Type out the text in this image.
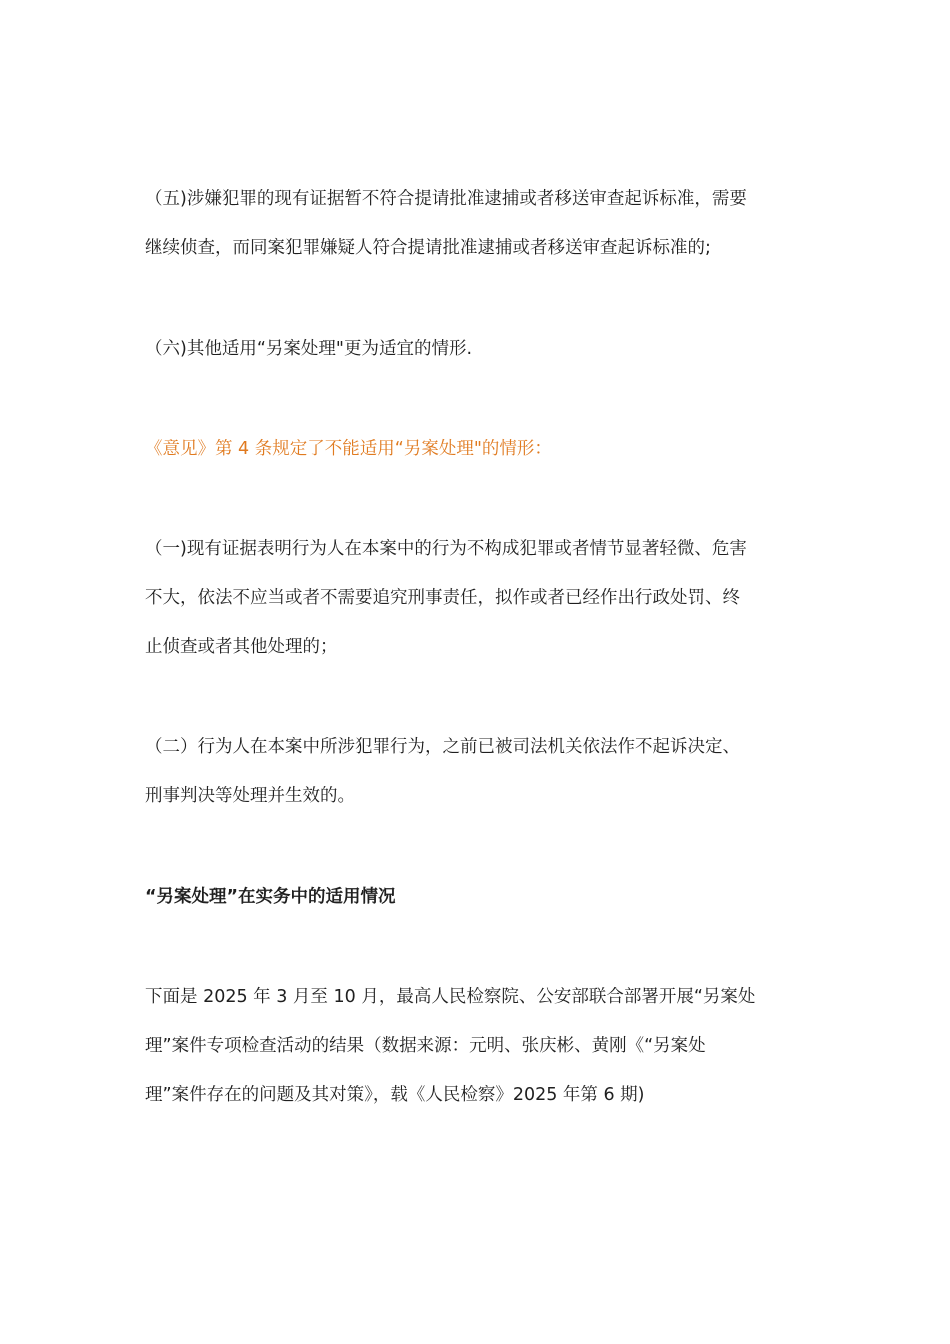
（五)涉嫌犯罪的现有证据暂不符合提请批准逮捕或者移送审查起诉标准，需要
继续侦查，而同案犯罪嫌疑人符合提请批准逮捕或者移送审查起诉标准的;

（六)其他适用“另案处理"更为适宜的情形.

《意见》第 4 条规定了不能适用“另案处理"的情形：

（一)现有证据表明行为人在本案中的行为不构成犯罪或者情节显著轻微、危害
不大，依法不应当或者不需要追究刑事责任，拟作或者已经作出行政处罚、终
止侦查或者其他处理的；

（二）行为人在本案中所涉犯罪行为，之前已被司法机关依法作不起诉决定、
刑事判决等处理并生效的。

“另案处理”在实务中的适用情况

下面是 2025 年 3 月至 10 月，最高人民检察院、公安部联合部署开展“另案处
理”案件专项检查活动的结果（数据来源：元明、张庆彬、黄刚《“另案处
理”案件存在的问题及其对策》，载《人民检察》2025 年第 6 期)
